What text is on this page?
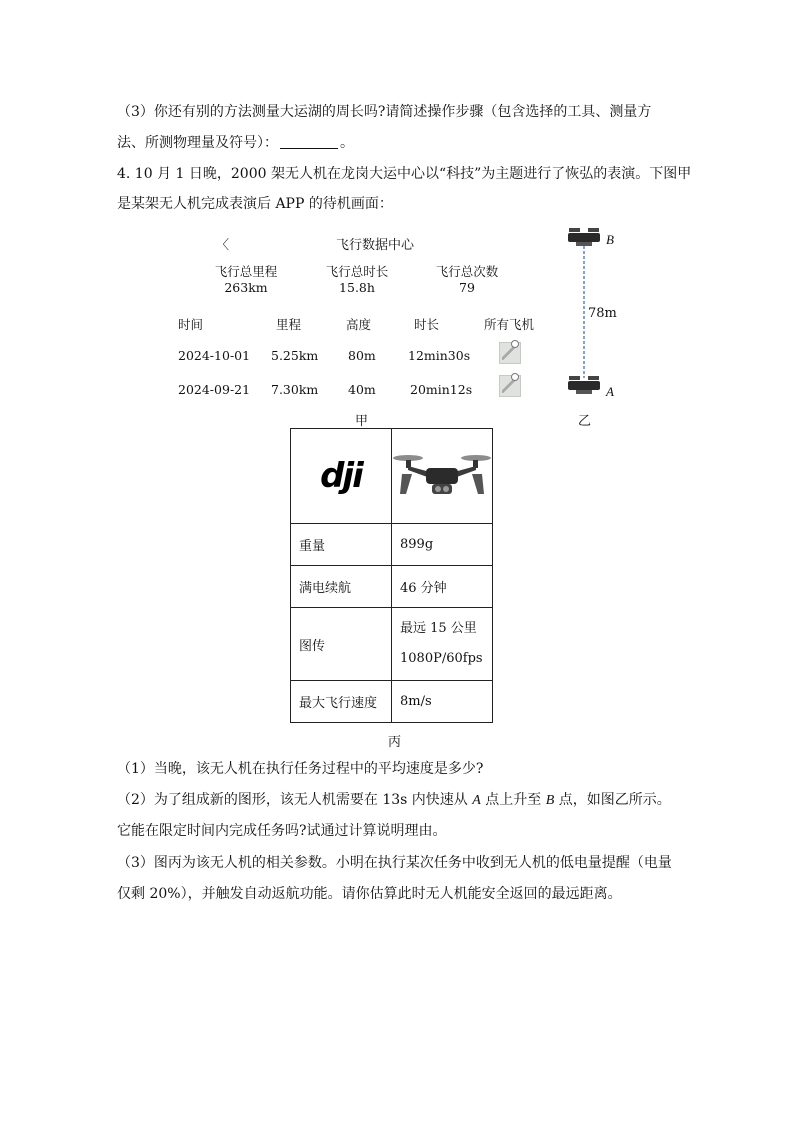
（3）你还有别的方法测量大运湖的周长吗?请简述操作步骤（包含选择的工具、测量方
法、所测物理量及符号）：	。
4. 10 月 1 日晚，2000 架无人机在龙岗大运中心以“科技”为主题进行了恢弘的表演。下图甲
是某架无人机完成表演后 APP 的待机画面：
〈	飞行数据中心
飞行总里程
263km
飞行总时长
15.8h
飞行总次数
79
时间	里程	高度	时长	所有飞机
2024-10-01 5.25km 80m	12min30s
2024-09-21 7.30km 40m	20min12s
甲
B
78m
A
乙
dji	
重量	899g
满电续航	46 分钟
图传	最远 15 公里
1080P/60fps

最大飞行速度	8m/s
丙
（1）当晚，该无人机在执行任务过程中的平均速度是多少?
（2）为了组成新的图形，该无人机需要在 13s 内快速从 A 点上升至 B 点，如图乙所示。
它能在限定时间内完成任务吗?试通过计算说明理由。
（3）图丙为该无人机的相关参数。小明在执行某次任务中收到无人机的低电量提醒（电量
仅剩 20%），并触发自动返航功能。请你估算此时无人机能安全返回的最远距离。
